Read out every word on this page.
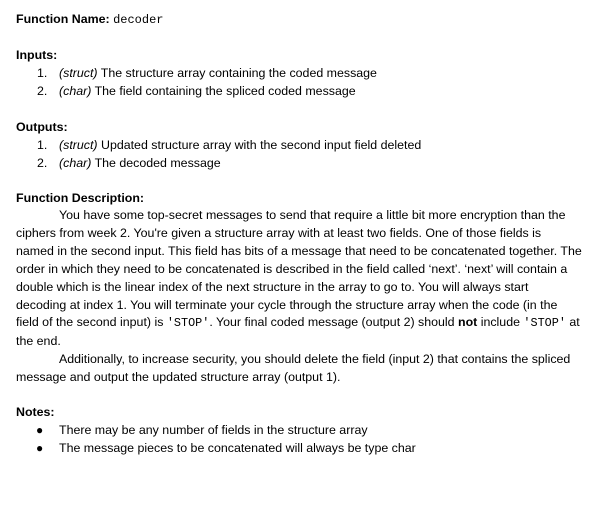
Function Name: decoder

Inputs:

1. (struct) The structure array containing the coded message
2. (char) The field containing the spliced coded message

Outputs:

1. (struct) Updated structure array with the second input field deleted
2. (char) The decoded message

Function Description:

You have some top-secret messages to send that require a little bit more encryption than the ciphers from week 2. You're given a structure array with at least two fields. One of those fields is named in the second input. This field has bits of a message that need to be concatenated together. The order in which they need to be concatenated is described in the field called ‘next’. ‘next’ will contain a double which is the linear index of the next structure in the array to go to. You will always start decoding at index 1. You will terminate your cycle through the structure array when the code (in the field of the second input) is 'STOP'. Your final coded message (output 2) should not include 'STOP' at the end.

Additionally, to increase security, you should delete the field (input 2) that contains the spliced message and output the updated structure array (output 1).

Notes:

● There may be any number of fields in the structure array
● The message pieces to be concatenated will always be type char
